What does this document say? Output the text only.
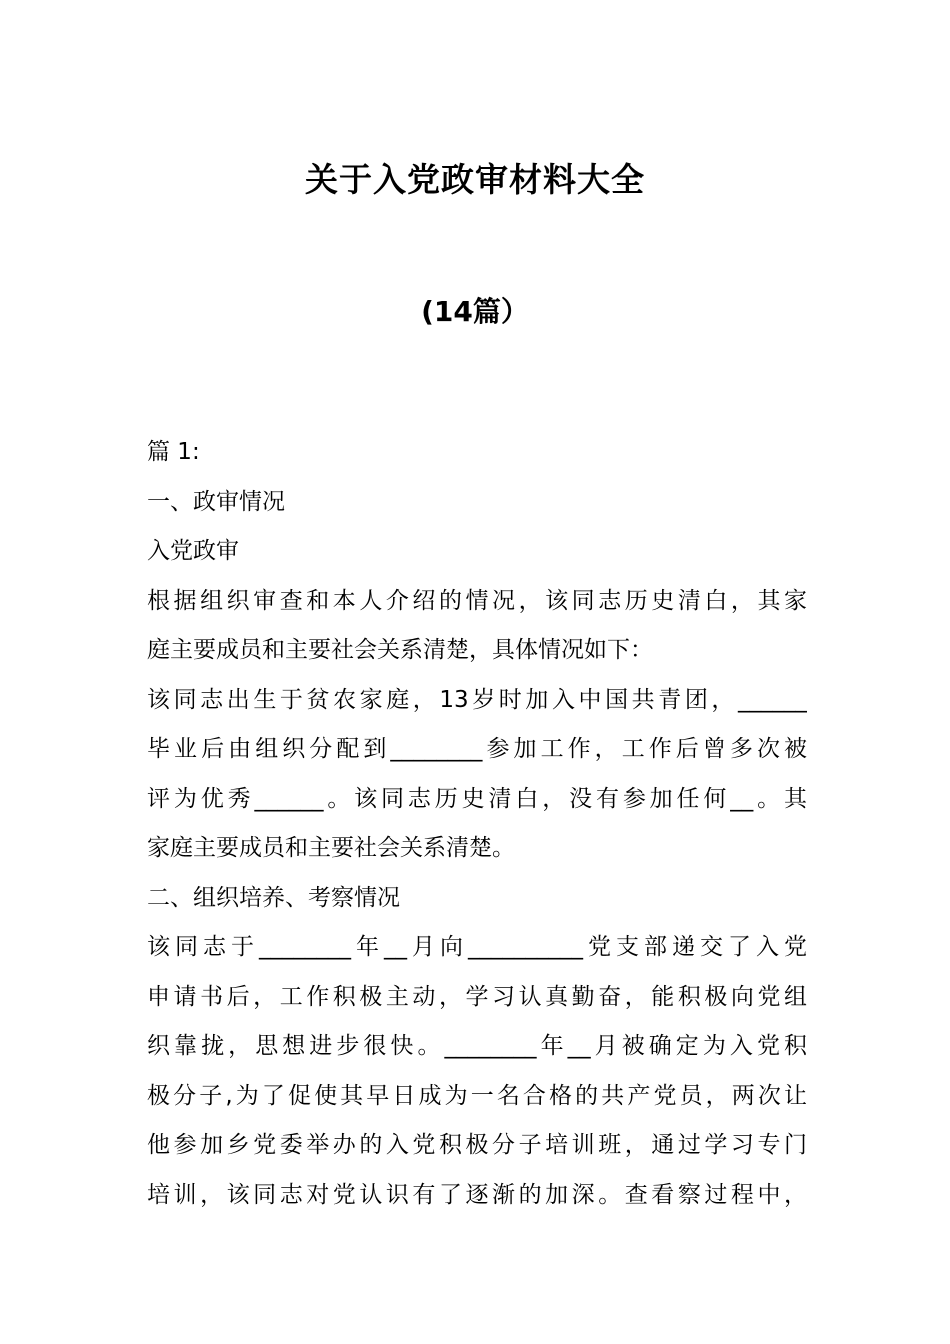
关于入党政审材料大全
(14篇）
篇 1:
一、政审情况
入党政审
根据组织审查和本人介绍的情况，该同志历史清白，其家
庭主要成员和主要社会关系清楚，具体情况如下：
该同志出生于贫农家庭，13岁时加入中国共青团，______
毕业后由组织分配到________参加工作，工作后曾多次被
评为优秀______。该同志历史清白，没有参加任何__。其
家庭主要成员和主要社会关系清楚。
二、组织培养、考察情况
该同志于________年__月向__________党支部递交了入党
申请书后，工作积极主动，学习认真勤奋，能积极向党组
织靠拢，思想进步很快。________年__月被确定为入党积
极分子,为了促使其早日成为一名合格的共产党员，两次让
他参加乡党委举办的入党积极分子培训班，通过学习专门
培训，该同志对党认识有了逐渐的加深。查看察过程中，
